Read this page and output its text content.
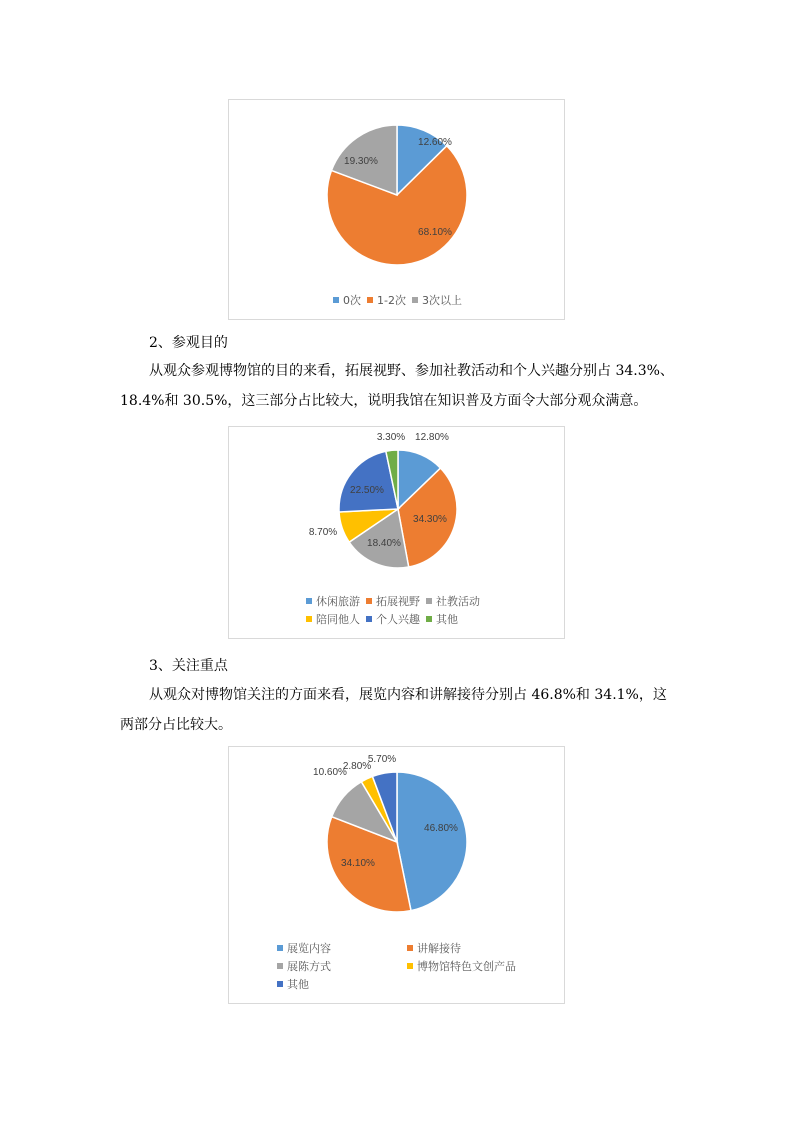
12.60%
68.10%
19.30%
0次 1-2次 3次以上
2、参观目的
从观众参观博物馆的目的来看，拓展视野、参加社教活动和个人兴趣分别占 34.3%、
18.4%和 30.5%，这三部分占比较大，说明我馆在知识普及方面令大部分观众满意。
12.80%
34.30%
18.40%
8.70%
22.50%
3.30%
休闲旅游 拓展视野 社教活动
陪同他人 个人兴趣 其他
3、关注重点
从观众对博物馆关注的方面来看，展览内容和讲解接待分别占 46.8%和 34.1%，这
两部分占比较大。
46.80%
34.10%
10.60%
2.80%
5.70%
展览内容	讲解接待
展陈方式	博物馆特色文创产品
其他
